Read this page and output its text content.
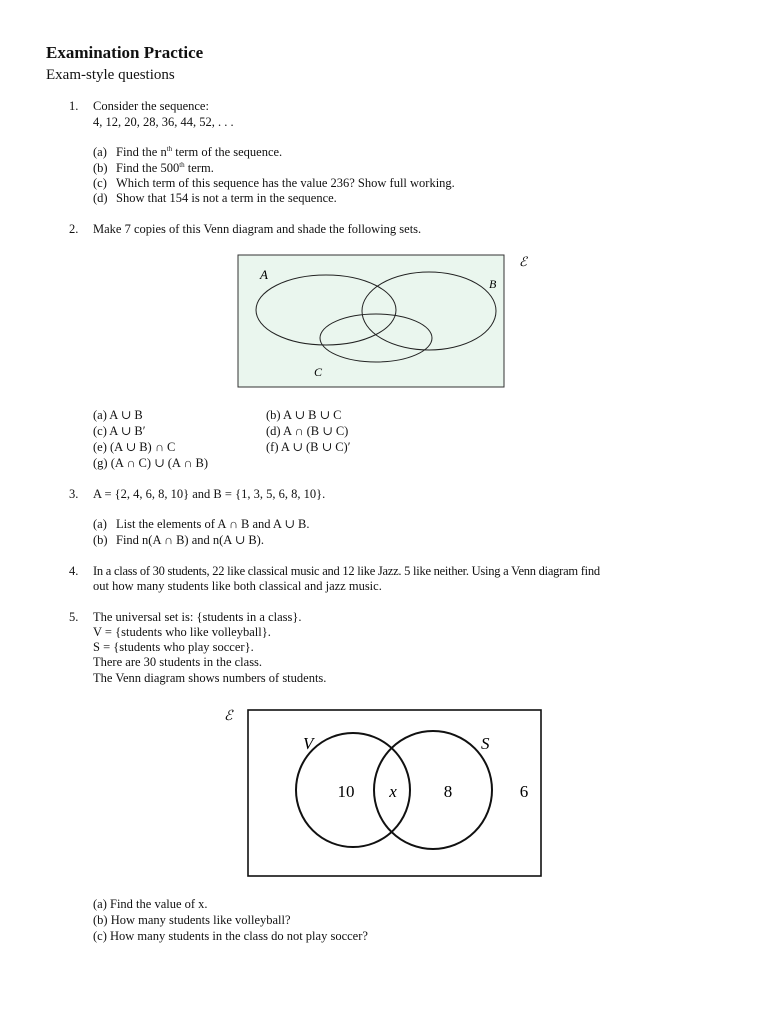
Examination Practice
Exam-style questions
1. Consider the sequence:
4, 12, 20, 28, 36, 44, 52, . . .
(a) Find the $n^{th}$ term of the sequence.
(b) Find the 500th term.
(c) Which term of this sequence has the value 236? Show full working.
(d) Show that 154 is not a term in the sequence.
2. Make 7 copies of this Venn diagram and shade the following sets.
A
B
C
ℰ
(a) A ∪ B	(b) A ∪ B ∪ C
(c) A ∪ B′	(d) A ∩ (B ∪ C)
(e) (A ∪ B) ∩ C	(f) A ∪ (B ∪ C)′
(g) (A ∩ C) ∪ (A ∩ B)
3. A = {2, 4, 6, 8, 10} and B = {1, 3, 5, 6, 8, 10}.
(a) List the elements of A ∩ B and A ∪ B.
(b) Find n(A ∩ B) and n(A ∪ B).
4. In a class of 30 students, 22 like classical music and 12 like Jazz. 5 like neither. Using a Venn diagram find
out how many students like both classical and jazz music.
5. The universal set is: {students in a class}.
V = {students who like volleyball}.
S = {students who play soccer}.
There are 30 students in the class.
The Venn diagram shows numbers of students.
ℰ
V	S
10 x	8	6
(a) Find the value of x.
(b) How many students like volleyball?
(c) How many students in the class do not play soccer?
